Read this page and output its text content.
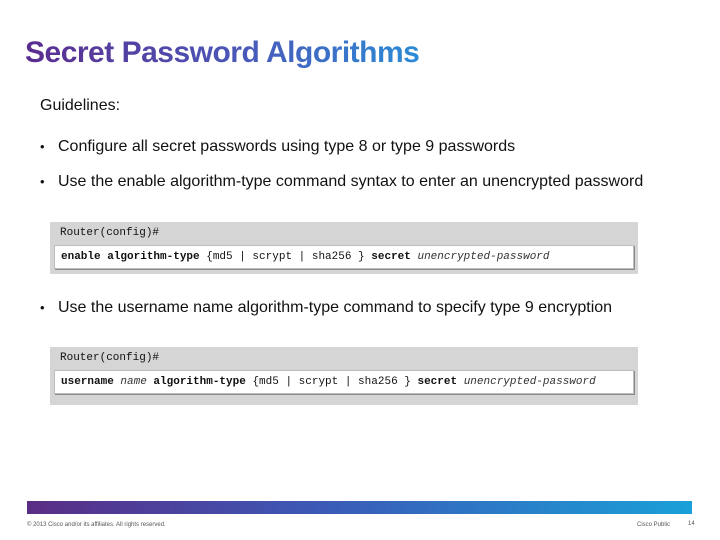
Secret Password Algorithms
Guidelines:
• Configure all secret passwords using type 8 or type 9 passwords
• Use the enable algorithm-type command syntax to enter an unencrypted password
Router(config)#
enable algorithm-type {md5 | scrypt | sha256 } secret unencrypted-password
• Use the username name algorithm-type command to specify type 9 encryption
Router(config)#
username name algorithm-type {md5 | scrypt | sha256 } secret unencrypted-password
© 2013 Cisco and/or its affiliates. All rights reserved.	Cisco Public	14
